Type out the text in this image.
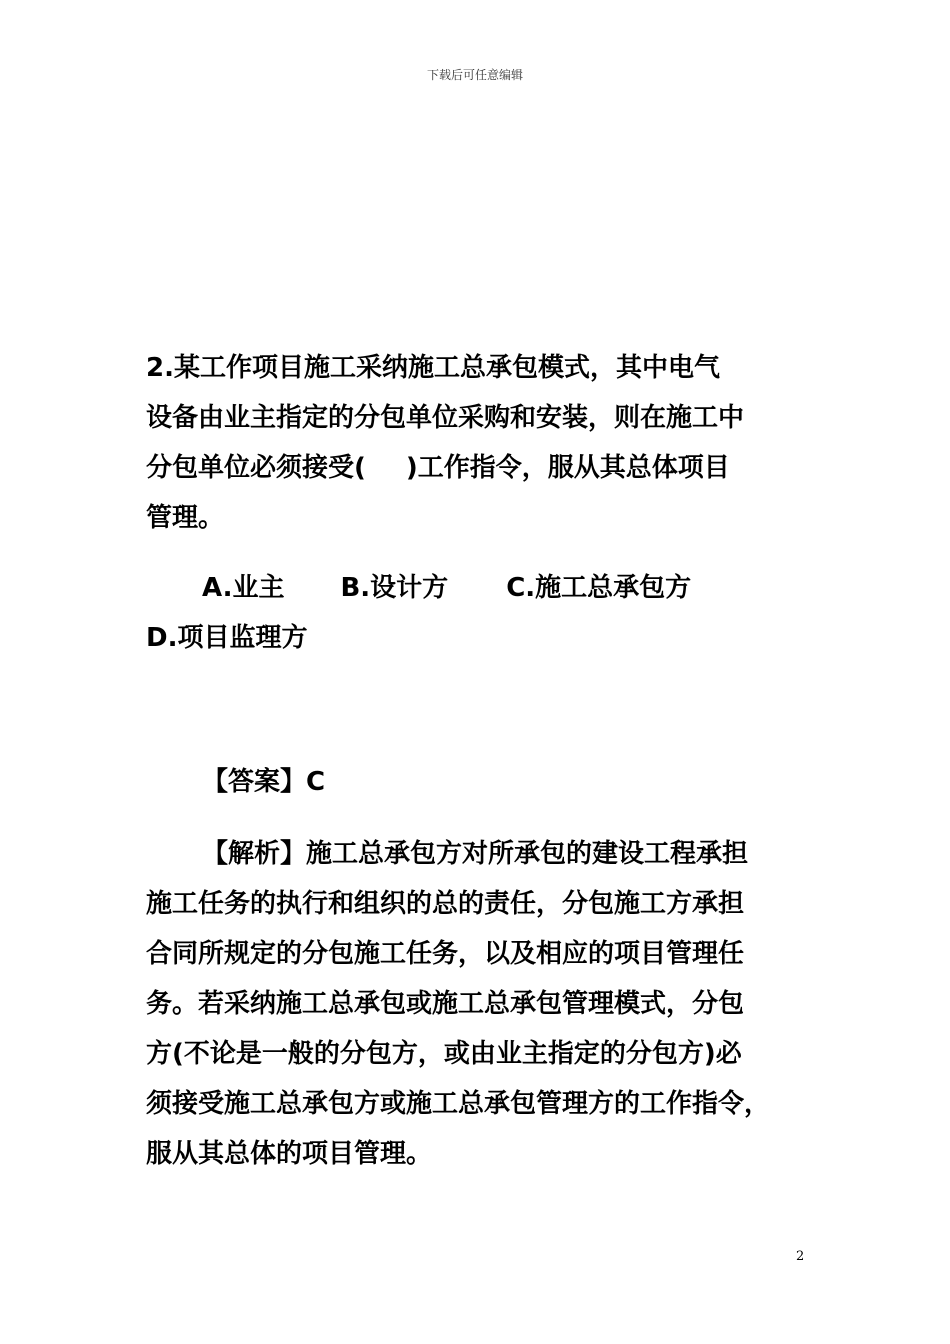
下载后可任意编辑
2.某工作项目施工采纳施工总承包模式，其中电气
设备由业主指定的分包单位采购和安装，则在施工中
分包单位必须接受( )工作指令，服从其总体项目
管理。
A.业主 B.设计方 C.施工总承包方
D.项目监理方
【答案】C
【解析】施工总承包方对所承包的建设工程承担
施工任务的执行和组织的总的责任，分包施工方承担
合同所规定的分包施工任务，以及相应的项目管理任
务。若采纳施工总承包或施工总承包管理模式，分包
方(不论是一般的分包方，或由业主指定的分包方)必
须接受施工总承包方或施工总承包管理方的工作指令，
服从其总体的项目管理。
2
